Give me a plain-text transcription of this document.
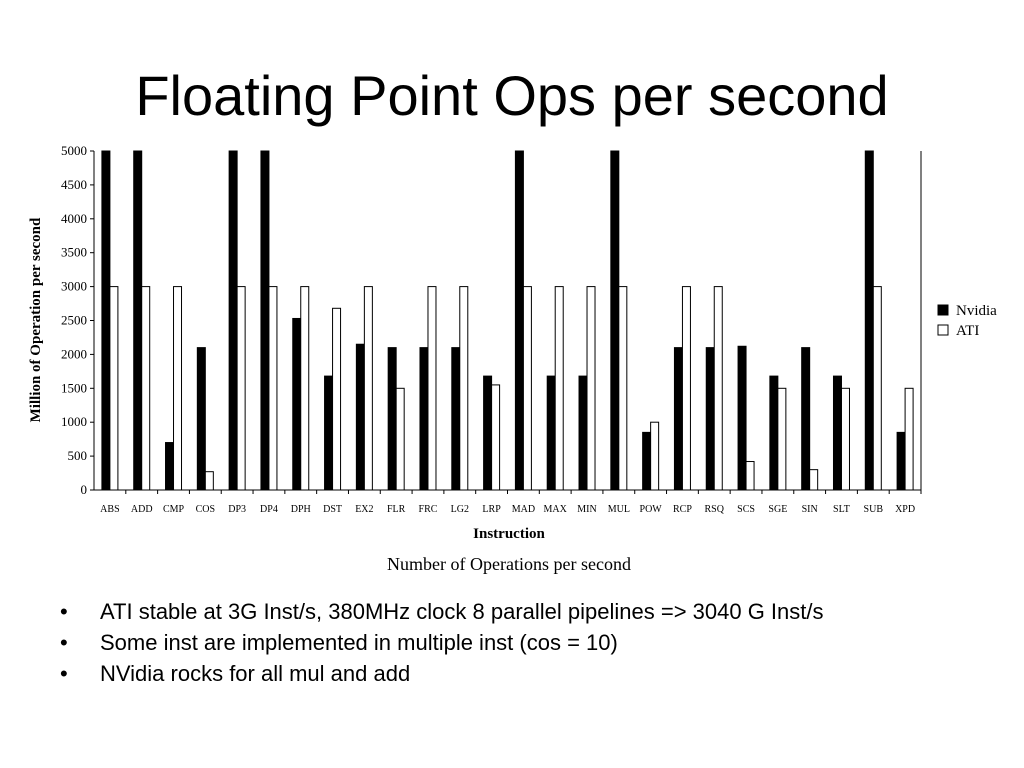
Floating Point Ops per second
0
500
1000
1500
2000
2500
3000
3500
4000
4500
5000
ABS ADD CMP COS DP3 DP4 DPH DST EX2 FLR FRC LG2 LRP MAD MAX MIN MUL POW RCP RSQ SCS SGE SIN SLT SUB XPD
Million of Operation per second
Instruction
Number of Operations per second
Nvidia
ATI
• ATI stable at 3G Inst/s, 380MHz clock 8 parallel pipelines => 3040 G Inst/s
• Some inst are implemented in multiple inst (cos = 10)
• NVidia rocks for all mul and add
